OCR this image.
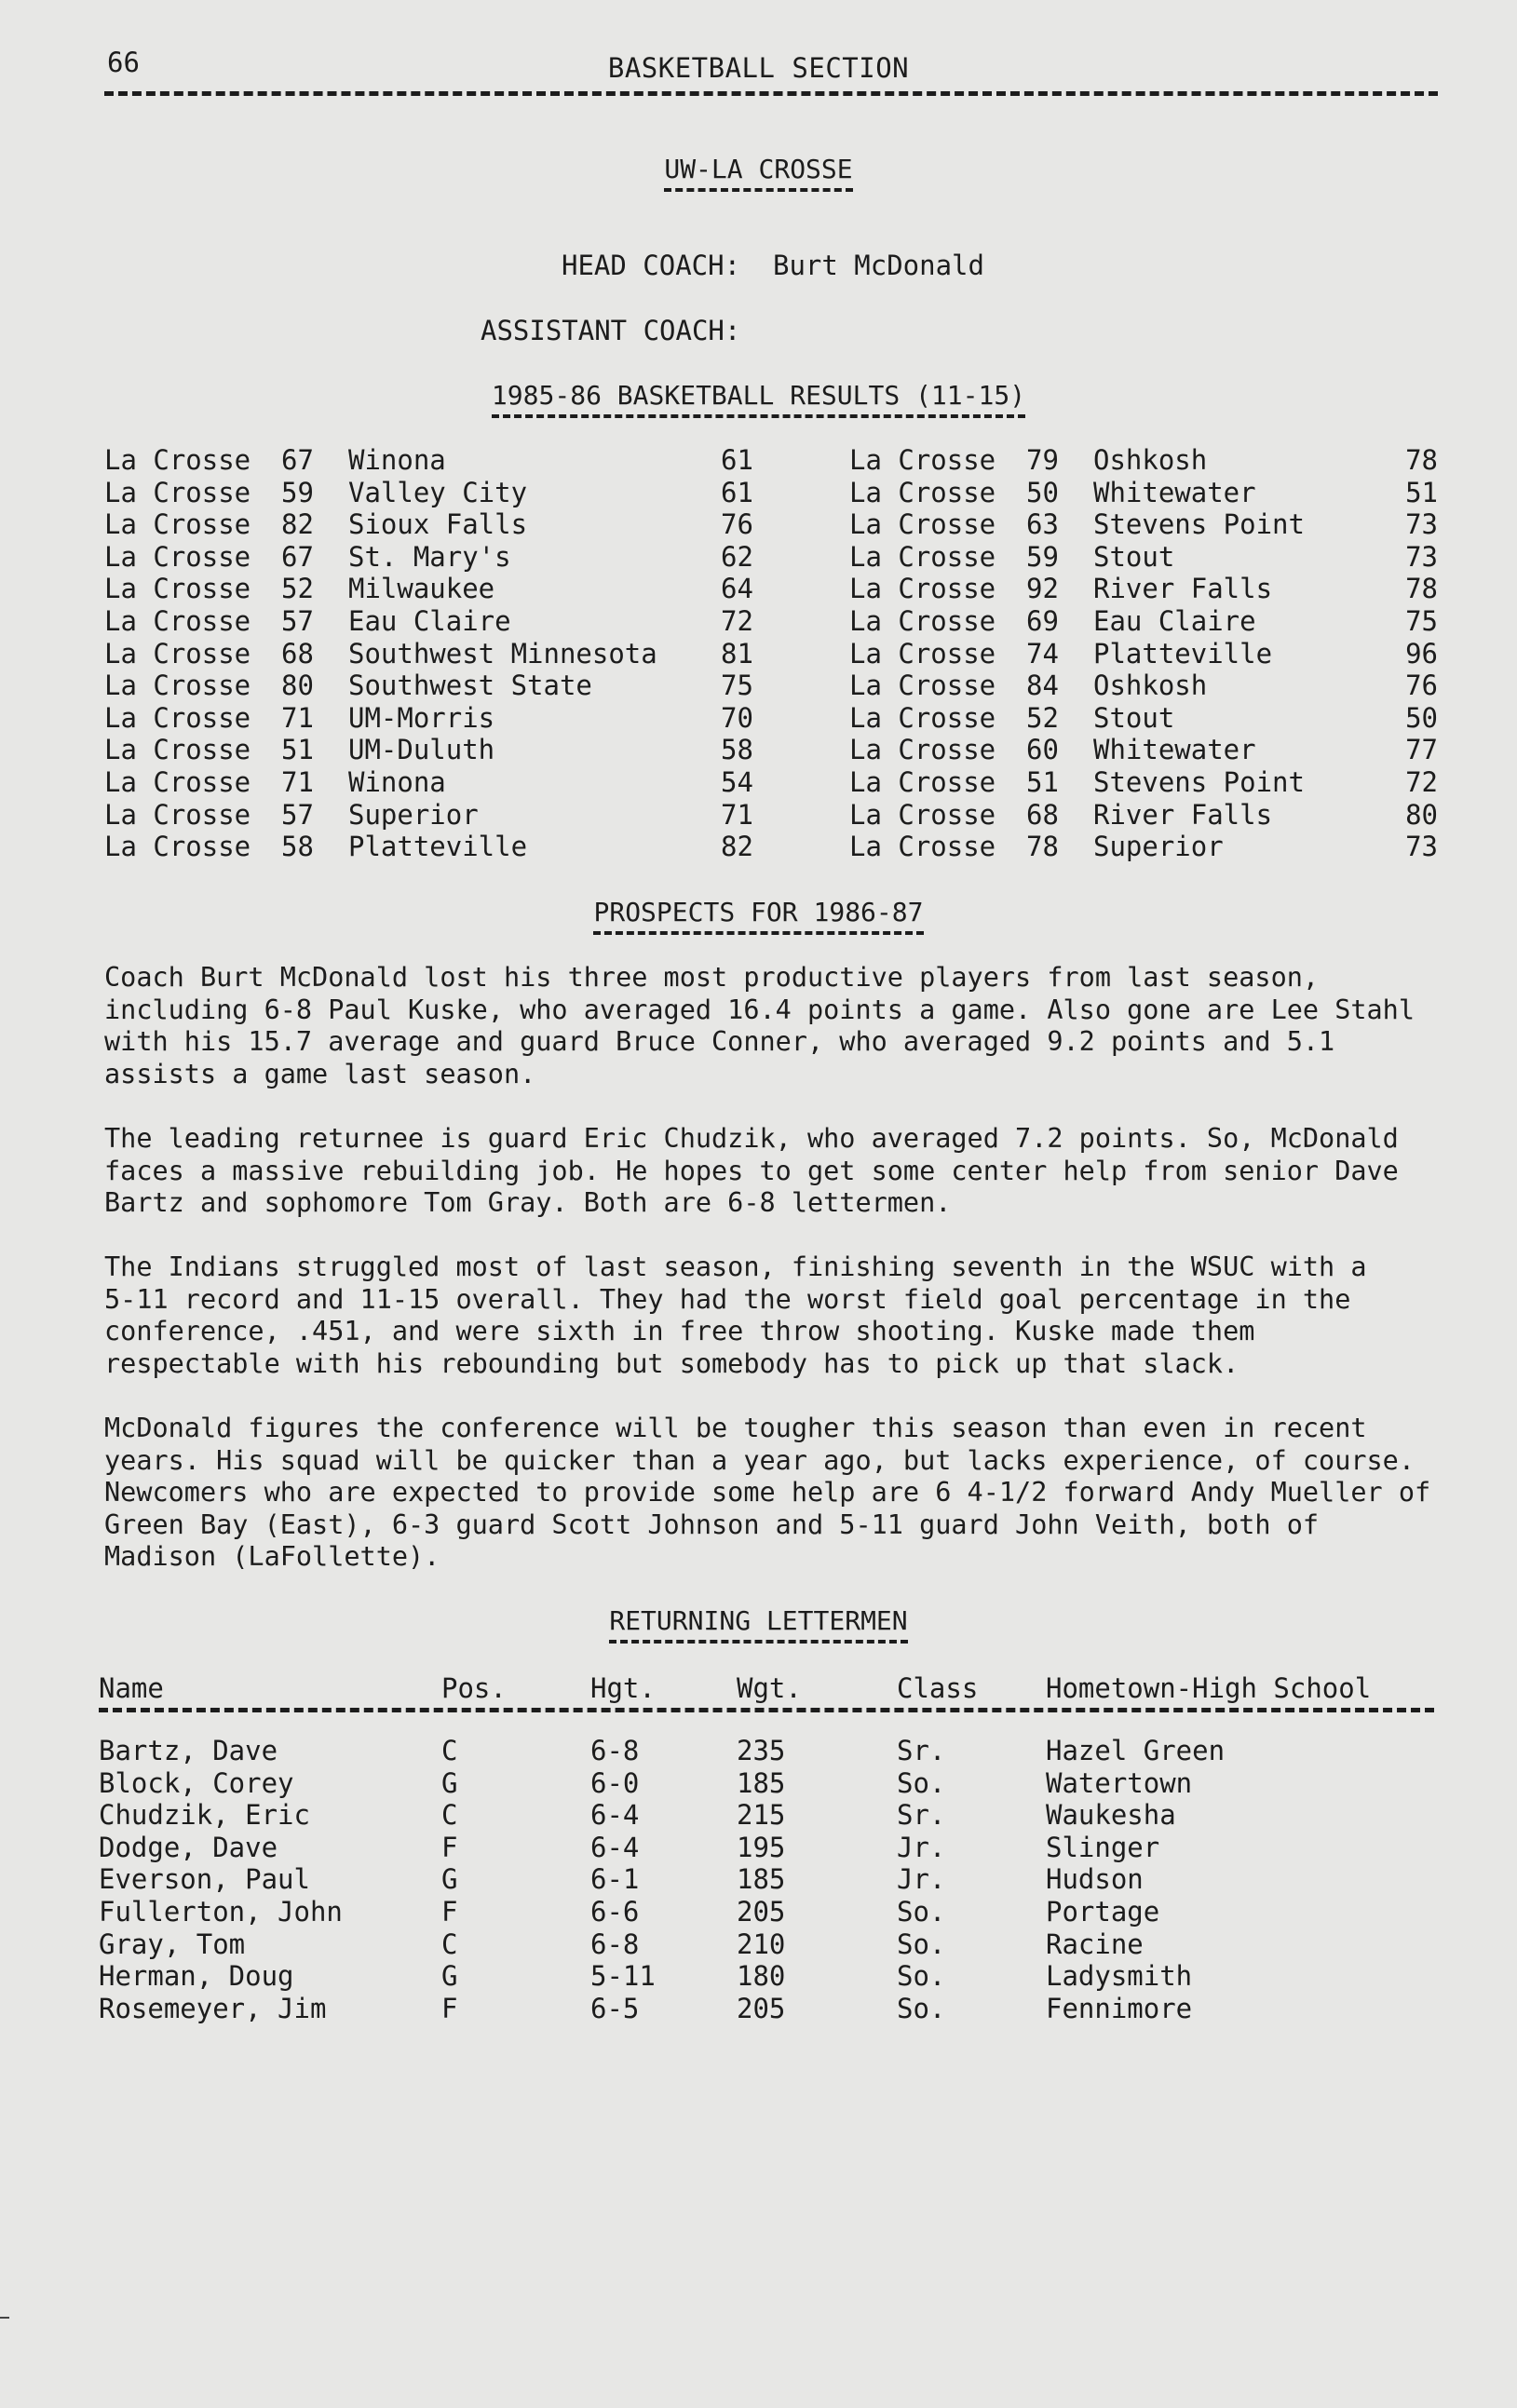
66	BASKETBALL SECTION
UW-LA CROSSE
HEAD COACH: Burt McDonald
ASSISTANT COACH:
1985-86 BASKETBALL RESULTS (11-15)
La Crosse	67	Winona	61	La Crosse	79	Oshkosh	78
La Crosse	59	Valley City	61	La Crosse	50	Whitewater	51
La Crosse	82	Sioux Falls	76	La Crosse	63	Stevens Point	73
La Crosse	67	St. Mary's	62	La Crosse	59	Stout	73
La Crosse	52	Milwaukee	64	La Crosse	92	River Falls	78
La Crosse	57	Eau Claire	72	La Crosse	69	Eau Claire	75
La Crosse	68	Southwest Minnesota	81	La Crosse	74	Platteville	96
La Crosse	80	Southwest State	75	La Crosse	84	Oshkosh	76
La Crosse	71	UM-Morris	70	La Crosse	52	Stout	50
La Crosse	51	UM-Duluth	58	La Crosse	60	Whitewater	77
La Crosse	71	Winona	54	La Crosse	51	Stevens Point	72
La Crosse	57	Superior	71	La Crosse	68	River Falls	80
La Crosse	58	Platteville	82	La Crosse	78	Superior	73
PROSPECTS FOR 1986-87
Coach Burt McDonald lost his three most productive players from last season,
including 6-8 Paul Kuske, who averaged 16.4 points a game. Also gone are Lee Stahl
with his 15.7 average and guard Bruce Conner, who averaged 9.2 points and 5.1
assists a game last season.
The leading returnee is guard Eric Chudzik, who averaged 7.2 points. So, McDonald
faces a massive rebuilding job. He hopes to get some center help from senior Dave
Bartz and sophomore Tom Gray. Both are 6-8 lettermen.
The Indians struggled most of last season, finishing seventh in the WSUC with a
5-11 record and 11-15 overall. They had the worst field goal percentage in the
conference, .451, and were sixth in free throw shooting. Kuske made them
respectable with his rebounding but somebody has to pick up that slack.
McDonald figures the conference will be tougher this season than even in recent
years. His squad will be quicker than a year ago, but lacks experience, of course.
Newcomers who are expected to provide some help are 6 4-1/2 forward Andy Mueller of
Green Bay (East), 6-3 guard Scott Johnson and 5-11 guard John Veith, both of
Madison (LaFollette).
RETURNING LETTERMEN
Name	Pos.	Hgt.	Wgt.	Class	Hometown-High School
Bartz, Dave	C	6-8	235	Sr.	Hazel Green
Block, Corey	G	6-0	185	So.	Watertown
Chudzik, Eric	C	6-4	215	Sr.	Waukesha
Dodge, Dave	F	6-4	195	Jr.	Slinger
Everson, Paul	G	6-1	185	Jr.	Hudson
Fullerton, John	F	6-6	205	So.	Portage
Gray, Tom	C	6-8	210	So.	Racine
Herman, Doug	G	5-11	180	So.	Ladysmith
Rosemeyer, Jim	F	6-5	205	So.	Fennimore
